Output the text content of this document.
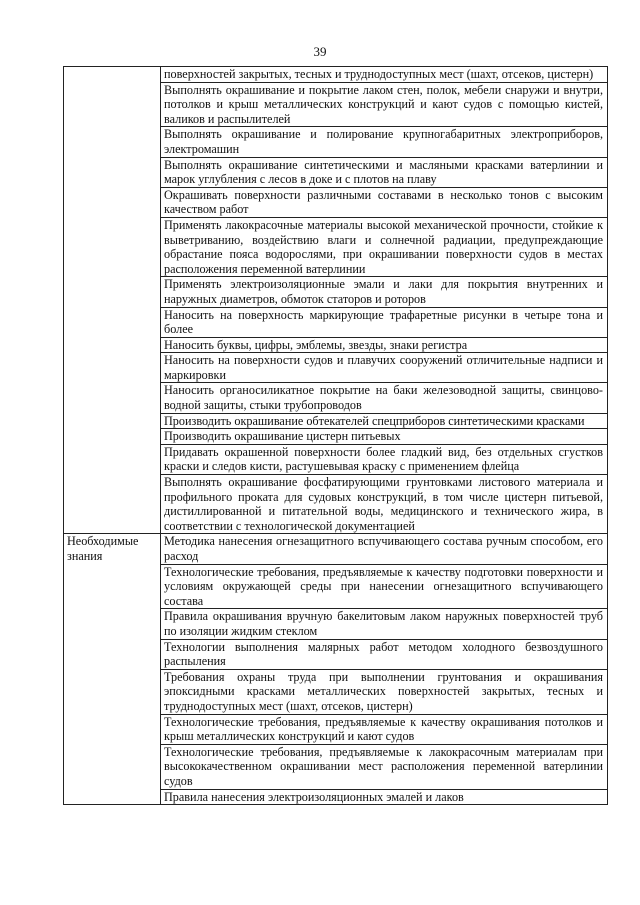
39
	поверхностей закрытых, тесных и труднодоступных мест (шахт, отсеков, цистерн)
	Выполнять окрашивание и покрытие лаком стен, полок, мебели снаружи и внутри, потолков и крыш металлических конструкций и кают судов с помощью кистей, валиков и распылителей
	Выполнять окрашивание и полирование крупногабаритных электроприборов, электромашин
	Выполнять окрашивание синтетическими и масляными красками ватерлинии и марок углубления с лесов в доке и с плотов на плаву
	Окрашивать поверхности различными составами в несколько тонов с высоким качеством работ
	Применять лакокрасочные материалы высокой механической прочности, стойкие к выветриванию, воздействию влаги и солнечной радиации, предупреждающие обрастание пояса водорослями, при окрашивании поверхности судов в местах расположения переменной ватерлинии
	Применять электроизоляционные эмали и лаки для покрытия внутренних и наружных диаметров, обмоток статоров и роторов
	Наносить на поверхность маркирующие трафаретные рисунки в четыре тона и более
	Наносить буквы, цифры, эмблемы, звезды, знаки регистра
	Наносить на поверхности судов и плавучих сооружений отличительные надписи и маркировки
	Наносить органосиликатное покрытие на баки железоводной защиты, свинцово-водной защиты, стыки трубопроводов
	Производить окрашивание обтекателей спецприборов синтетическими красками
	Производить окрашивание цистерн питьевых
	Придавать окрашенной поверхности более гладкий вид, без отдельных сгустков краски и следов кисти, растушевывая краску с применением флейца
	Выполнять окрашивание фосфатирующими грунтовками листового материала и профильного проката для судовых конструкций, в том числе цистерн питьевой, дистиллированной и питательной воды, медицинского и технического жира, в соответствии с технологической документацией
Необходимые знания	Методика нанесения огнезащитного вспучивающего состава ручным способом, его расход
	Технологические требования, предъявляемые к качеству подготовки поверхности и условиям окружающей среды при нанесении огнезащитного вспучивающего состава
	Правила окрашивания вручную бакелитовым лаком наружных поверхностей труб по изоляции жидким стеклом
	Технологии выполнения малярных работ методом холодного безвоздушного распыления
	Требования охраны труда при выполнении грунтования и окрашивания эпоксидными красками металлических поверхностей закрытых, тесных и труднодоступных мест (шахт, отсеков, цистерн)
	Технологические требования, предъявляемые к качеству окрашивания потолков и крыш металлических конструкций и кают судов
	Технологические требования, предъявляемые к лакокрасочным материалам при высококачественном окрашивании мест расположения переменной ватерлинии судов
	Правила нанесения электроизоляционных эмалей и лаков
